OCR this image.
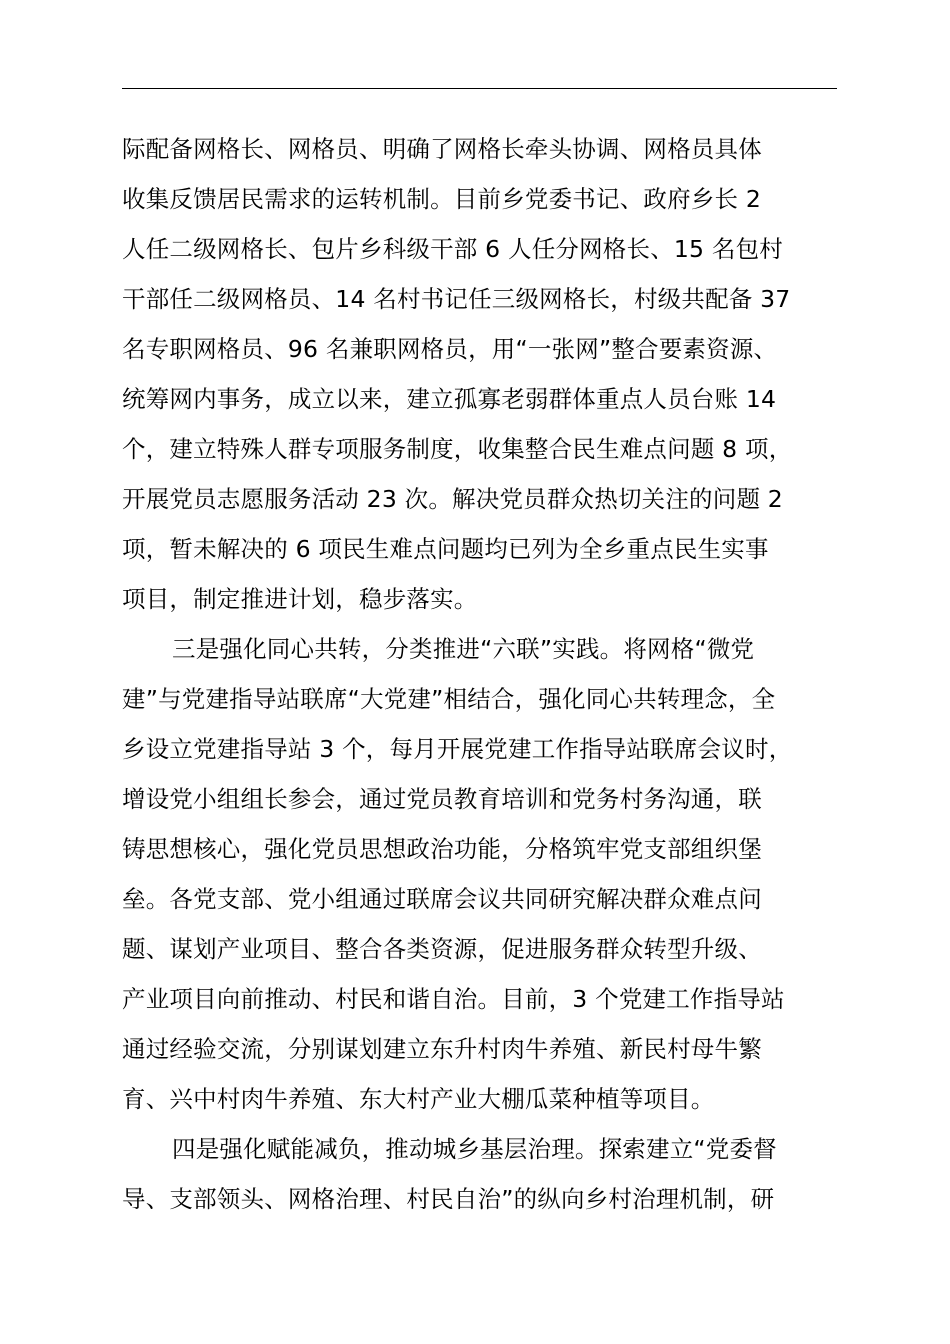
际配备网格长、网格员、明确了网格长牵头协调、网格员具体
收集反馈居民需求的运转机制。目前乡党委书记、政府乡长 2
人任二级网格长、包片乡科级干部 6 人任分网格长、15 名包村
干部任二级网格员、14 名村书记任三级网格长，村级共配备 37
名专职网格员、96 名兼职网格员，用“一张网”整合要素资源、
统筹网内事务，成立以来，建立孤寡老弱群体重点人员台账 14
个，建立特殊人群专项服务制度，收集整合民生难点问题 8 项，
开展党员志愿服务活动 23 次。解决党员群众热切关注的问题 2
项，暂未解决的 6 项民生难点问题均已列为全乡重点民生实事
项目，制定推进计划，稳步落实。
三是强化同心共转，分类推进“六联”实践。将网格“微党
建”与党建指导站联席“大党建”相结合，强化同心共转理念，全
乡设立党建指导站 3 个，每月开展党建工作指导站联席会议时，
增设党小组组长参会，通过党员教育培训和党务村务沟通，联
铸思想核心，强化党员思想政治功能，分格筑牢党支部组织堡
垒。各党支部、党小组通过联席会议共同研究解决群众难点问
题、谋划产业项目、整合各类资源，促进服务群众转型升级、
产业项目向前推动、村民和谐自治。目前，3 个党建工作指导站
通过经验交流，分别谋划建立东升村肉牛养殖、新民村母牛繁
育、兴中村肉牛养殖、东大村产业大棚瓜菜种植等项目。
四是强化赋能减负，推动城乡基层治理。探索建立“党委督
导、支部领头、网格治理、村民自治”的纵向乡村治理机制，研
